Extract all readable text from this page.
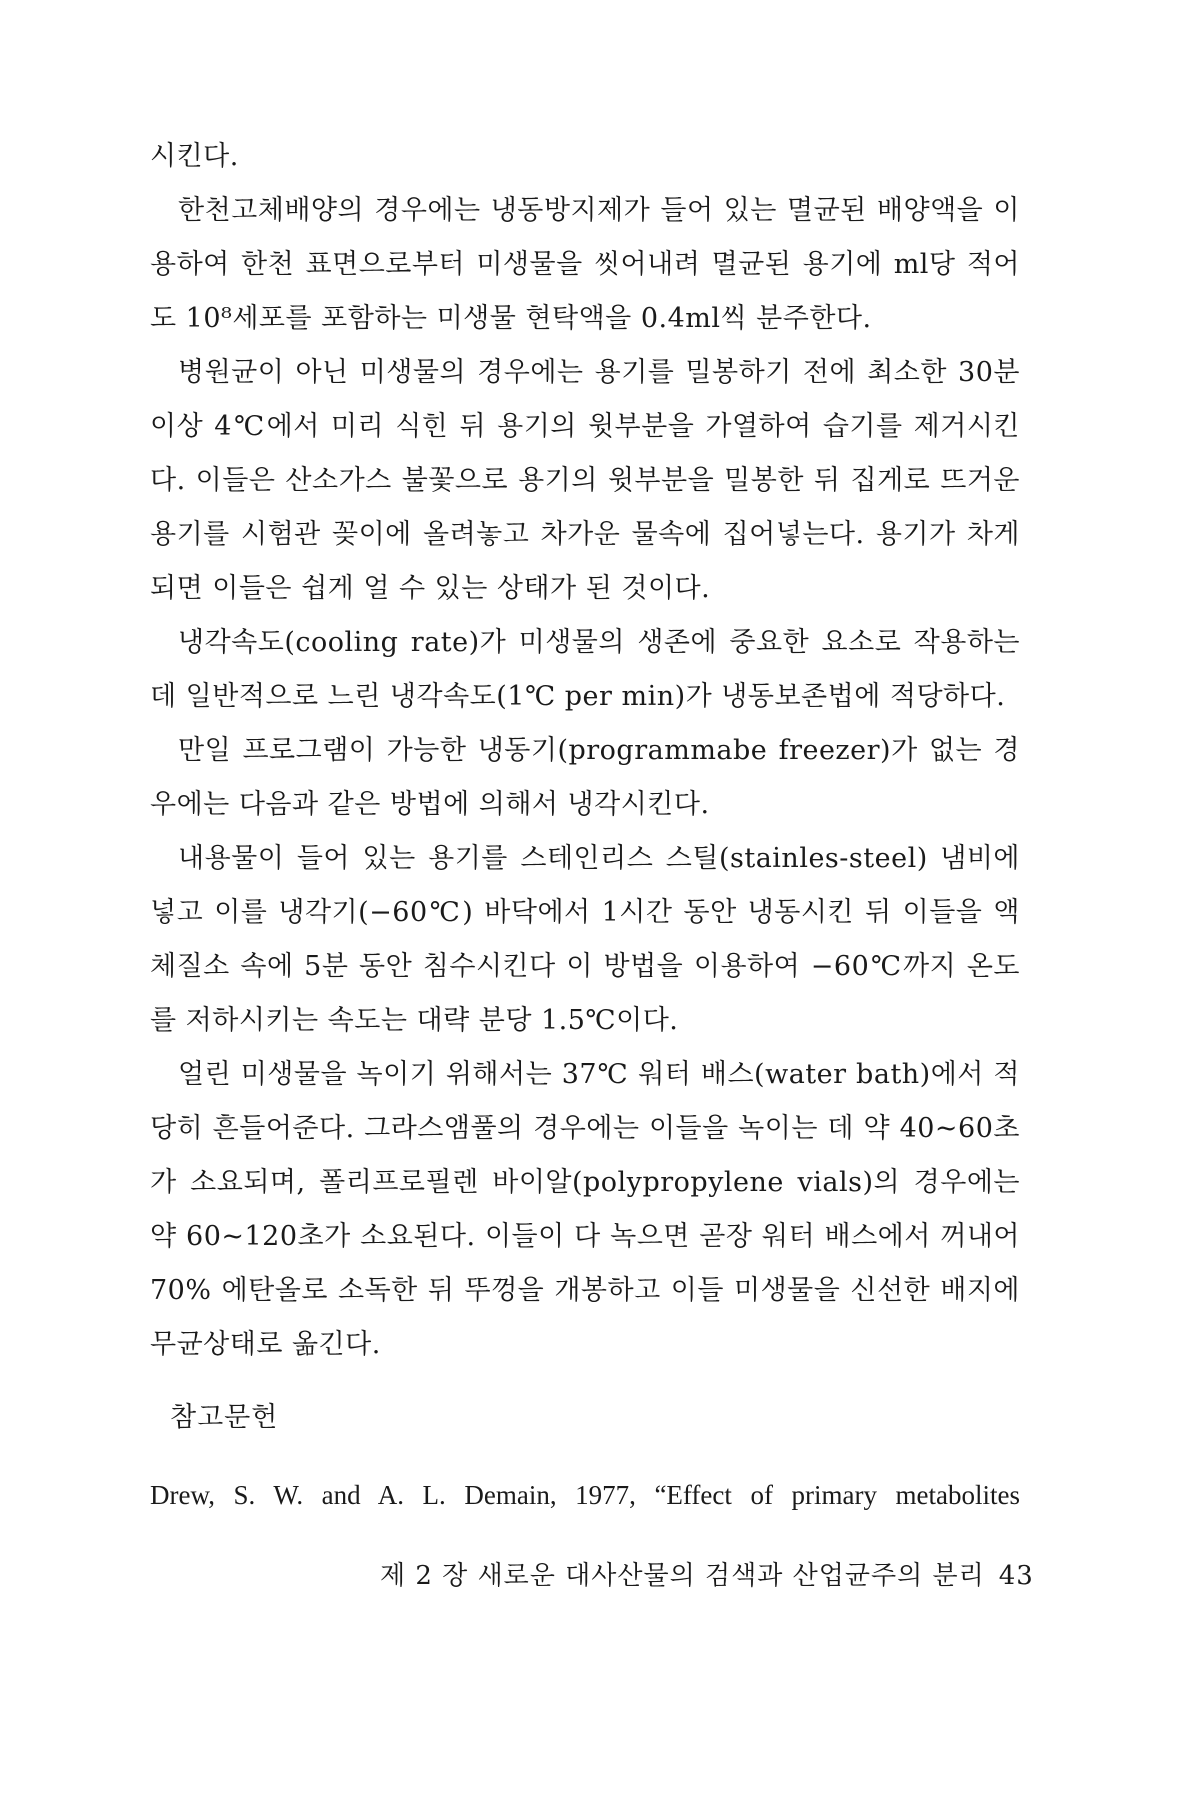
시킨다.

한천고체배양의 경우에는 냉동방지제가 들어 있는 멸균된 배양액을 이용하여 한천 표면으로부터 미생물을 씻어내려 멸균된 용기에 ml당 적어도 10⁸세포를 포함하는 미생물 현탁액을 0.4ml씩 분주한다.

병원균이 아닌 미생물의 경우에는 용기를 밀봉하기 전에 최소한 30분 이상 4℃에서 미리 식힌 뒤 용기의 윗부분을 가열하여 습기를 제거시킨다. 이들은 산소가스 불꽃으로 용기의 윗부분을 밀봉한 뒤 집게로 뜨거운 용기를 시험관 꽂이에 올려놓고 차가운 물속에 집어넣는다. 용기가 차게 되면 이들은 쉽게 얼 수 있는 상태가 된 것이다.

냉각속도(cooling rate)가 미생물의 생존에 중요한 요소로 작용하는데 일반적으로 느린 냉각속도(1℃ per min)가 냉동보존법에 적당하다.

만일 프로그램이 가능한 냉동기(programmabe freezer)가 없는 경우에는 다음과 같은 방법에 의해서 냉각시킨다.

내용물이 들어 있는 용기를 스테인리스 스틸(stainles-steel) 냄비에 넣고 이를 냉각기(−60℃) 바닥에서 1시간 동안 냉동시킨 뒤 이들을 액체질소 속에 5분 동안 침수시킨다 이 방법을 이용하여 −60℃까지 온도를 저하시키는 속도는 대략 분당 1.5℃이다.

얼린 미생물을 녹이기 위해서는 37℃ 워터 배스(water bath)에서 적당히 흔들어준다. 그라스앰풀의 경우에는 이들을 녹이는 데 약 40~60초가 소요되며, 폴리프로필렌 바이알(polypropylene vials)의 경우에는 약 60~120초가 소요된다. 이들이 다 녹으면 곧장 워터 배스에서 꺼내어 70% 에탄올로 소독한 뒤 뚜껑을 개봉하고 이들 미생물을 신선한 배지에 무균상태로 옮긴다.

참고문헌

Drew, S. W. and A. L. Demain, 1977, “Effect of primary metabolites

제 2 장 새로운 대사산물의 검색과 산업균주의 분리 43
